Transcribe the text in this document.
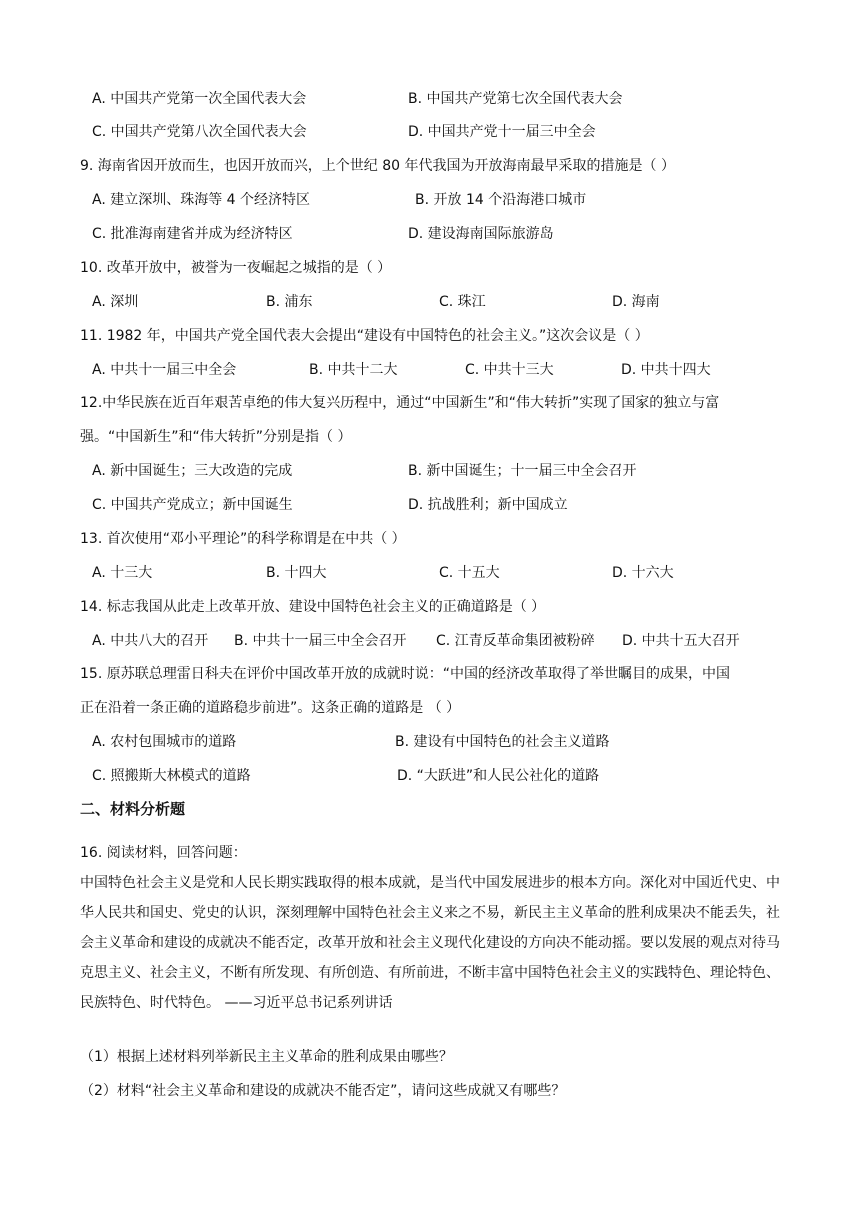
A. 中国共产党第一次全国代表大会	B. 中国共产党第七次全国代表大会
C. 中国共产党第八次全国代表大会	D. 中国共产党十一届三中全会
9. 海南省因开放而生，也因开放而兴，上个世纪 80 年代我国为开放海南最早采取的措施是（ ）
A. 建立深圳、珠海等 4 个经济特区	B. 开放 14 个沿海港口城市
C. 批准海南建省并成为经济特区	D. 建设海南国际旅游岛
10. 改革开放中，被誉为一夜崛起之城指的是（ ）
A. 深圳	B. 浦东	C. 珠江	D. 海南
11. 1982 年，中国共产党全国代表大会提出“建设有中国特色的社会主义。”这次会议是（ ）
A. 中共十一届三中全会	B. 中共十二大	C. 中共十三大	D. 中共十四大
12.中华民族在近百年艰苦卓绝的伟大复兴历程中，通过“中国新生”和“伟大转折”实现了国家的独立与富
强。“中国新生”和“伟大转折”分别是指（ ）
A. 新中国诞生；三大改造的完成	B. 新中国诞生；十一届三中全会召开
C. 中国共产党成立；新中国诞生	D. 抗战胜利；新中国成立
13. 首次使用“邓小平理论”的科学称谓是在中共（ ）
A. 十三大	B. 十四大	C. 十五大	D. 十六大
14. 标志我国从此走上改革开放、建设中国特色社会主义的正确道路是（ ）
A. 中共八大的召开 B. 中共十一届三中全会召开 C. 江青反革命集团被粉碎 D. 中共十五大召开
15. 原苏联总理雷日科夫在评价中国改革开放的成就时说：“中国的经济改革取得了举世瞩目的成果，中国
正在沿着一条正确的道路稳步前进”。这条正确的道路是 （ ）
A. 农村包围城市的道路	B. 建设有中国特色的社会主义道路
C. 照搬斯大林模式的道路	D. “大跃进”和人民公社化的道路
二、材料分析题
16. 阅读材料，回答问题：
中国特色社会主义是党和人民长期实践取得的根本成就，是当代中国发展进步的根本方向。深化对中国近代史、中华人民共和国史、党史的认识，深刻理解中国特色社会主义来之不易，新民主主义革命的胜利成果决不能丢失，社会主义革命和建设的成就决不能否定，改革开放和社会主义现代化建设的方向决不能动摇。要以发展的观点对待马克思主义、社会主义，不断有所发现、有所创造、有所前进，不断丰富中国特色社会主义的实践特色、理论特色、民族特色、时代特色。 ——习近平总书记系列讲话
（1）根据上述材料列举新民主主义革命的胜利成果由哪些？
（2）材料“社会主义革命和建设的成就决不能否定”，请问这些成就又有哪些？
